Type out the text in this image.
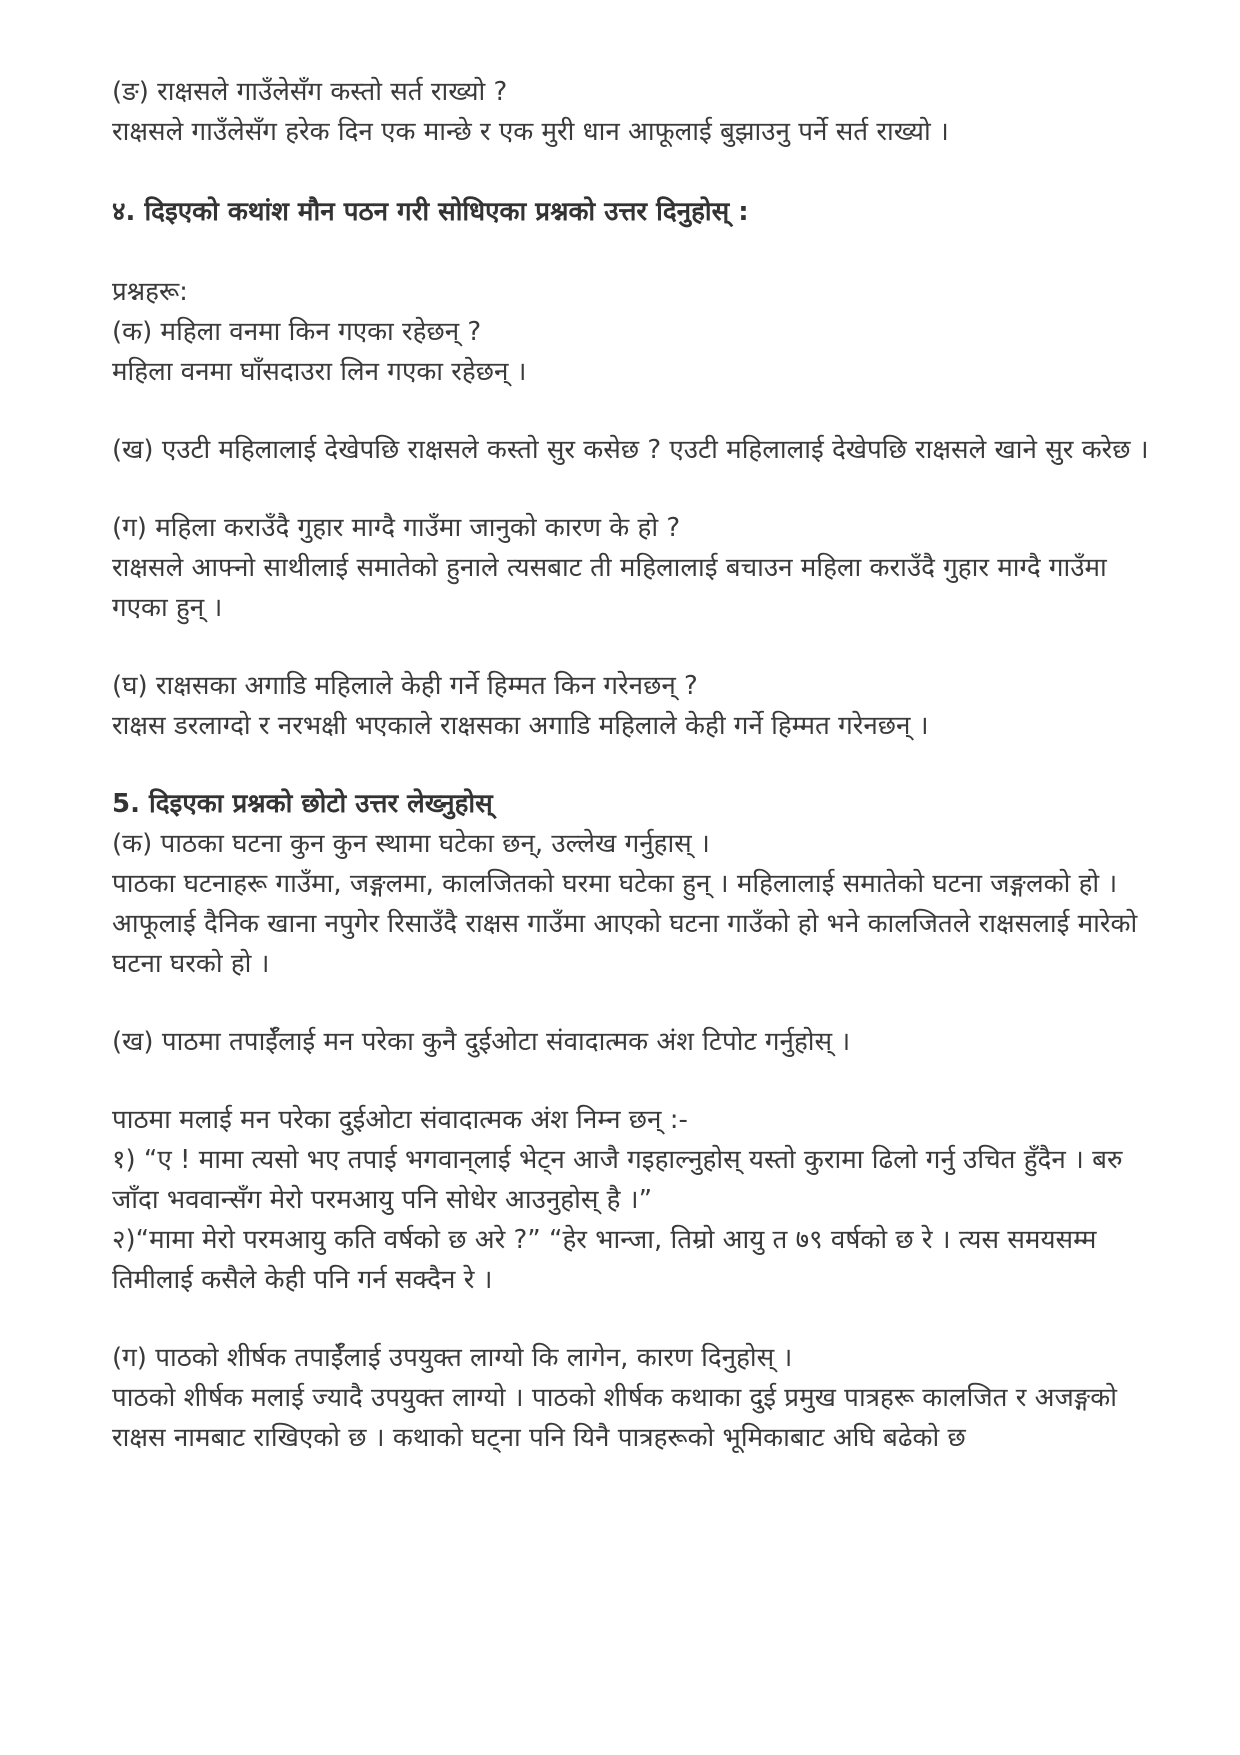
(ङ) राक्षसले गाउँलेसँग कस्तो सर्त राख्यो ?

राक्षसले गाउँलेसँग हरेक दिन एक मान्छे र एक मुरी धान आफूलाई बुझाउनु पर्ने सर्त राख्यो ।

४. दिइएको कथांश मौन पठन गरी सोधिएका प्रश्नको उत्तर दिनुहोस् :

प्रश्नहरू:

(क) महिला वनमा किन गएका रहेछन् ?

महिला वनमा घाँसदाउरा लिन गएका रहेछन् ।

(ख) एउटी महिलालाई देखेपछि राक्षसले कस्तो सुर कसेछ ? एउटी महिलालाई देखेपछि राक्षसले खाने सुर करेछ ।

(ग) महिला कराउँदै गुहार माग्दै गाउँमा जानुको कारण के हो ?

राक्षसले आफ्नो साथीलाई समातेको हुनाले त्यसबाट ती महिलालाई बचाउन महिला कराउँदै गुहार माग्दै गाउँमा गएका हुन् ।

(घ) राक्षसका अगाडि महिलाले केही गर्ने हिम्मत किन गरेनछन् ?

राक्षस डरलाग्दो र नरभक्षी भएकाले राक्षसका अगाडि महिलाले केही गर्ने हिम्मत गरेनछन् ।

5. दिइएका प्रश्नको छोटो उत्तर लेख्नुहोस्

(क) पाठका घटना कुन कुन स्थामा घटेका छन्, उल्लेख गर्नुहास् ।

पाठका घटनाहरू गाउँमा, जङ्गलमा, कालजितको घरमा घटेका हुन् । महिलालाई समातेको घटना जङ्गलको हो । आफूलाई दैनिक खाना नपुगेर रिसाउँदै राक्षस गाउँमा आएको घटना गाउँको हो भने कालजितले राक्षसलाई मारेको घटना घरको हो ।

(ख) पाठमा तपाईँलाई मन परेका कुनै दुईओटा संवादात्मक अंश टिपोट गर्नुहोस् ।

पाठमा मलाई मन परेका दुईओटा संवादात्मक अंश निम्न छन् :-

१) “ए ! मामा त्यसो भए तपाई भगवान्‌लाई भेट्न आजै गइहाल्नुहोस् यस्तो कुरामा ढिलो गर्नु उचित हुँदैन । बरु जाँदा भववान्सँग मेरो परमआयु पनि सोधेर आउनुहोस् है ।”

२)“मामा मेरो परमआयु कति वर्षको छ अरे ?” “हेर भान्जा, तिम्रो आयु त ७९ वर्षको छ रे । त्यस समयसम्म तिमीलाई कसैले केही पनि गर्न सक्दैन रे ।

(ग) पाठको शीर्षक तपाईँलाई उपयुक्त लाग्यो कि लागेन, कारण दिनुहोस् ।

पाठको शीर्षक मलाई ज्यादै उपयुक्त लाग्यो । पाठको शीर्षक कथाका दुई प्रमुख पात्रहरू कालजित र अजङ्गको राक्षस नामबाट राखिएको छ । कथाको घट्ना पनि यिनै पात्रहरूको भूमिकाबाट अघि बढेको छ
